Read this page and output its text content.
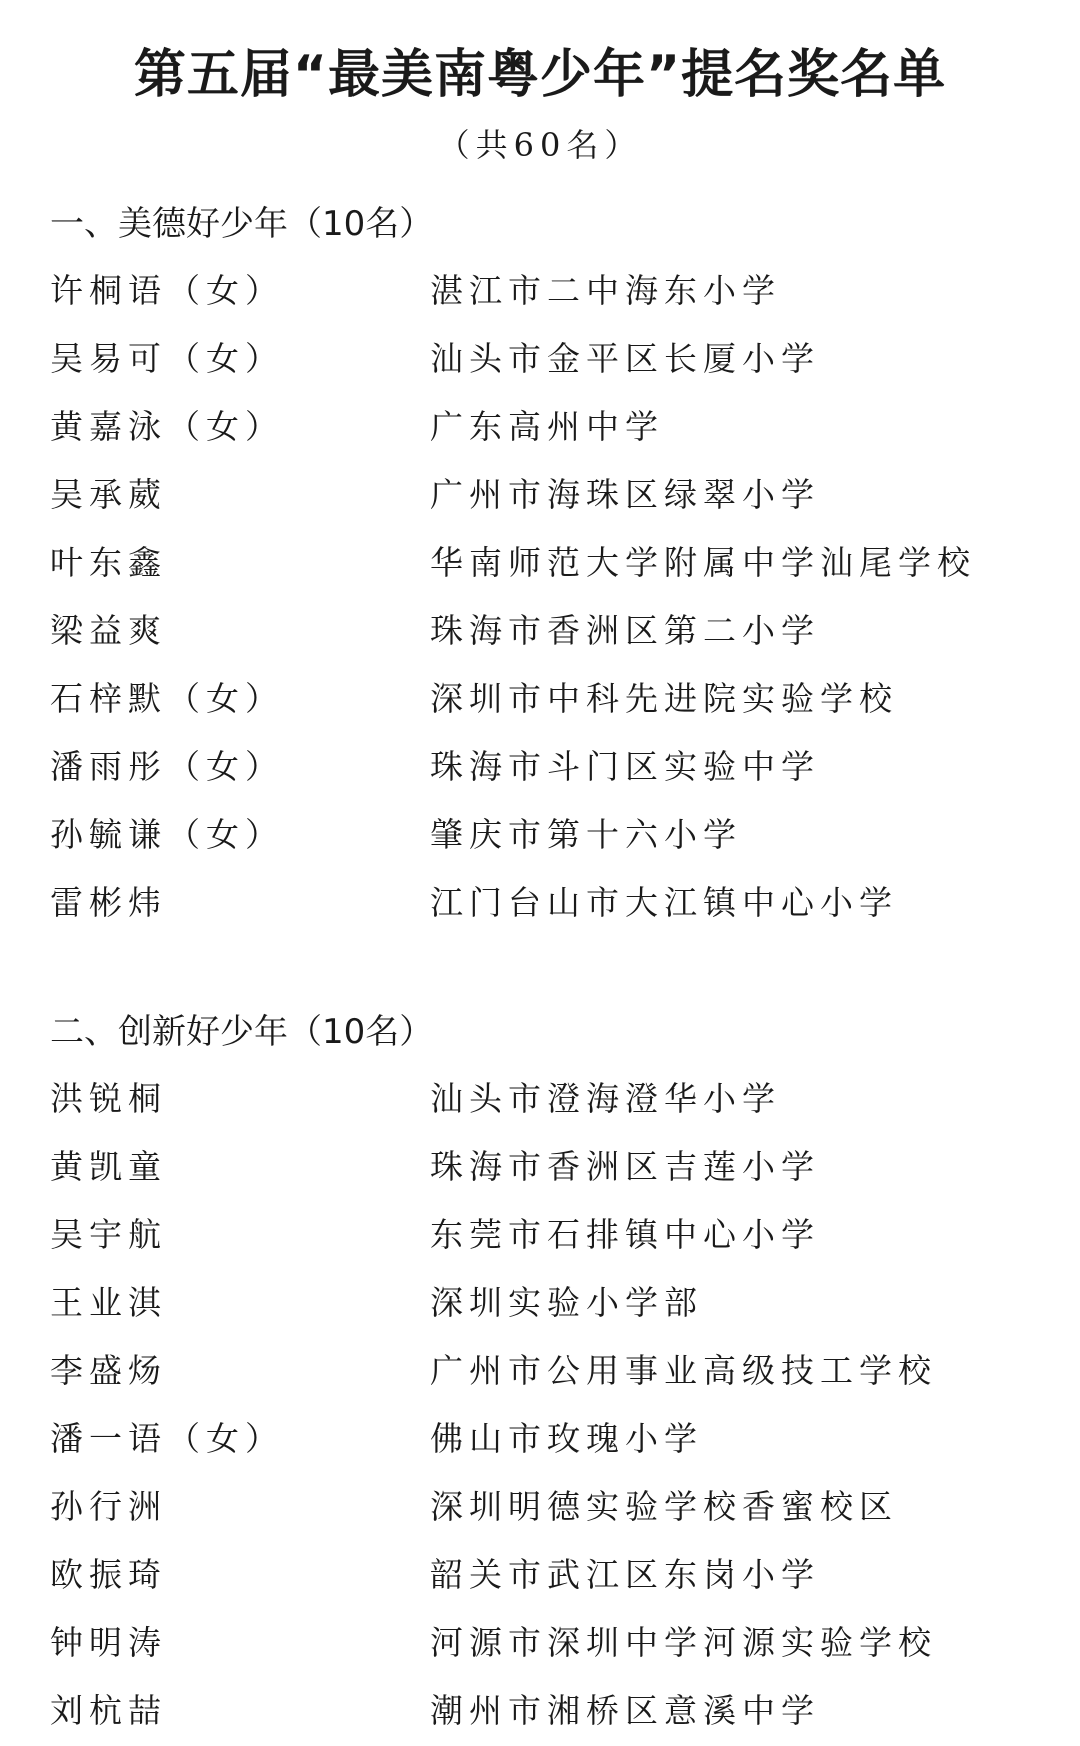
第五届“最美南粤少年”提名奖名单
（共60名）
一、美德好少年（10名）
许桐语（女）	湛江市二中海东小学
吴易可（女）	汕头市金平区长厦小学
黄嘉泳（女）	广东高州中学
吴承葳	广州市海珠区绿翠小学
叶东鑫	华南师范大学附属中学汕尾学校
梁益爽	珠海市香洲区第二小学
石梓默（女）	深圳市中科先进院实验学校
潘雨彤（女）	珠海市斗门区实验中学
孙毓谦（女）	肇庆市第十六小学
雷彬炜	江门台山市大江镇中心小学
二、创新好少年（10名）
洪锐桐	汕头市澄海澄华小学
黄凯童	珠海市香洲区吉莲小学
吴宇航	东莞市石排镇中心小学
王业淇	深圳实验小学部
李盛炀	广州市公用事业高级技工学校
潘一语（女）	佛山市玫瑰小学
孙行洲	深圳明德实验学校香蜜校区
欧振琦	韶关市武江区东岗小学
钟明涛	河源市深圳中学河源实验学校
刘杭喆	潮州市湘桥区意溪中学
